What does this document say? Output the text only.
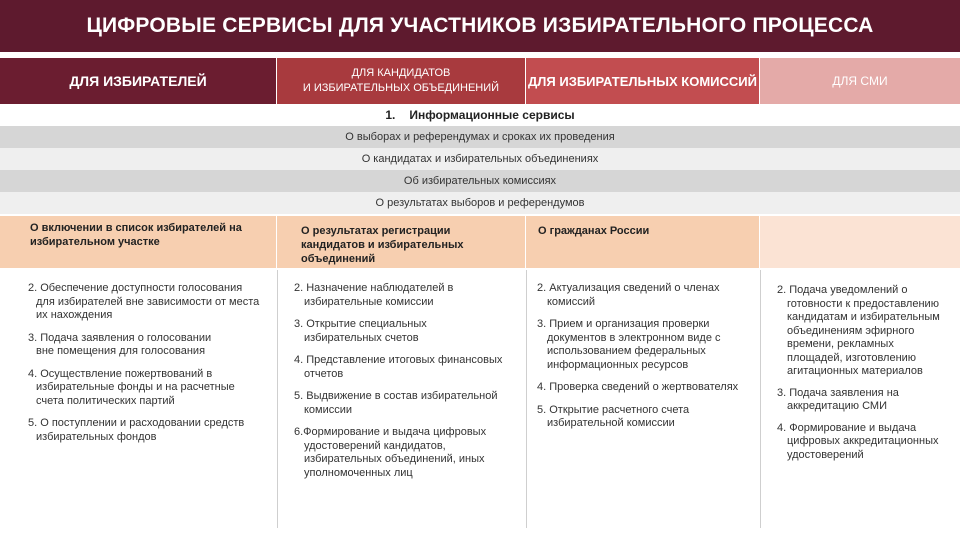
ЦИФРОВЫЕ СЕРВИСЫ ДЛЯ УЧАСТНИКОВ ИЗБИРАТЕЛЬНОГО ПРОЦЕССА
ДЛЯ ИЗБИРАТЕЛЕЙ	ДЛЯ КАНДИДАТОВ
И ИЗБИРАТЕЛЬНЫХ ОБЪЕДИНЕНИЙ ДЛЯ ИЗБИРАТЕЛЬНЫХ КОМИССИЙ	ДЛЯ СМИ
1. Информационные сервисы
О выборах и референдумах и сроках их проведения
О кандидатах и избирательных объединениях
Об избирательных комиссиях
О результатах выборов и референдумов
О включении в список избирателей на избирательном участке
О результатах регистрации кандидатов и избирательных объединений
О гражданах России
2. Обеспечение доступности голосования
для избирателей вне зависимости от места их нахождения
3. Подача заявления о голосовании
вне помещения для голосования
4. Осуществление пожертвований в
избирательные фонды и на расчетные счета политических партий
5. О поступлении и расходовании средств
избирательных фондов
2. Назначение наблюдателей в
избирательные комиссии
3. Открытие специальных
избирательных счетов
4. Представление итоговых финансовых
отчетов
5. Выдвижение в состав избирательной
комиссии
6.Формирование и выдача цифровых
удостоверений кандидатов, избирательных объединений, иных уполномоченных лиц
2. Актуализация сведений о членах
комиссий
3. Прием и организация проверки
документов в электронном виде с использованием федеральных информационных ресурсов
4. Проверка сведений о жертвователях
5. Открытие расчетного счета
избирательной комиссии
2. Подача уведомлений о
готовности к предоставлению кандидатам и избирательным объединениям эфирного времени, рекламных площадей, изготовлению агитационных материалов
3. Подача заявления на
аккредитацию СМИ
4. Формирование и выдача
цифровых аккредитационных удостоверений
